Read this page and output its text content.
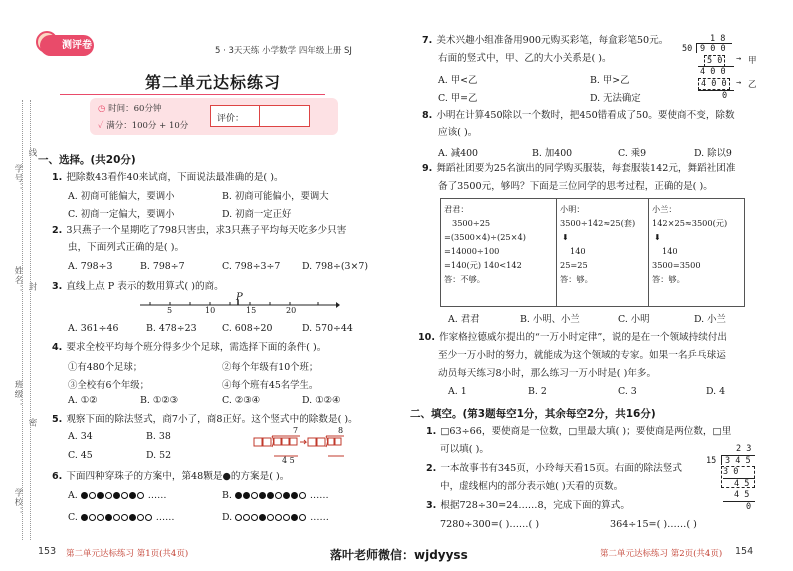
测评卷	5 · 3天天练 小学数学 四年级上册 SJ
第二单元达标练习
◷ 时间：60分钟
✓ 满分：100分 + 10分
评价：
学号：
姓名：
班级：
学校：
线
封
密
一、选择。(共20分)
1. 把除数43看作40来试商，下面说法最准确的是( )。
A. 初商可能偏大，要调小	B. 初商可能偏小，要调大
C. 初商一定偏大，要调小	D. 初商一定正好
2. 3只燕子一个星期吃了798只害虫，求3只燕子平均每天吃多少只害
虫，下面列式正确的是( )。
A. 798÷3	B. 798÷7	C. 798÷3÷7 D. 798÷(3×7)
3. 直线上点 P 表示的数用算式( )的商。
P
5	10	15	20
A. 361÷46	B. 478÷23	C. 608÷20	D. 570÷44
4. 要求全校平均每个班分得多少个足球，需选择下面的条件( )。
①有480个足球；	②每个年级有10个班；
③全校有6个年级；	④每个班有45名学生。
A. ①②	B. ①②③	C. ②③④	D. ①②④
5. 观察下面的除法竖式，商7小了，商8正好。这个竖式中的除数是( )。
A. 34	B. 38
C. 45	D. 52
7	8
4 5
6. 下面四种穿珠子的方案中，第48颗是●的方案是( )。
A.	……	B.	……
C.	……	D.	……
153 第二单元达标练习 第1页(共4页)	落叶老师微信：wjdyyss
7. 美术兴趣小组准备用900元购买彩笔，每盒彩笔50元。
右面的竖式中，甲、乙的大小关系是( )。
A. 甲<乙	B. 甲>乙
C. 甲=乙	D. 无法确定
1 8
50 9 0 0
5 0
4 0 0
4 0 0
0
→ 甲
→ 乙
8. 小明在计算450除以一个数时，把450错看成了50。要使商不变，除数
应该( )。
A. 减400	B. 加400	C. 乘9	D. 除以9
9. 舞蹈社团要为25名演出的同学购买服装，每套服装142元，舞蹈社团准
备了3500元，够吗？下面是三位同学的思考过程，正确的是( )。
君君：
3500÷25
=(3500×4)÷(25×4)
=14000÷100
=140(元) 140<142
答：不够。

小明：
3500÷142≈25(套)
⬇
140
25=25
答：够。

小兰：
142×25≈3500(元)
⬇
140
3500=3500
答：够。
A. 君君	B. 小明、小兰	C. 小明	D. 小兰
10. 作家格拉德威尔提出的“一万小时定律”，说的是在一个领域持续付出
至少一万小时的努力，就能成为这个领域的专家。如果一名乒乓球运
动员每天练习8小时，那么练习一万小时是( )年多。
A. 1	B. 2	C. 3	D. 4
二、填空。(第3题每空1分，其余每空2分，共16分)
1. □63÷66，要使商是一位数，□里最大填( )；要使商是两位数，□里
可以填( )。
2. 一本故事书有345页，小玲每天看15页。右面的除法竖式
中，虚线框内的部分表示她( )天看的页数。
2 3
15 3 4 5
3 0
4 5
4 5
0
3. 根据728÷30=24……8，完成下面的算式。
7280÷300=( )……( )	364÷15=( )……( )
第二单元达标练习 第2页(共4页) 154
